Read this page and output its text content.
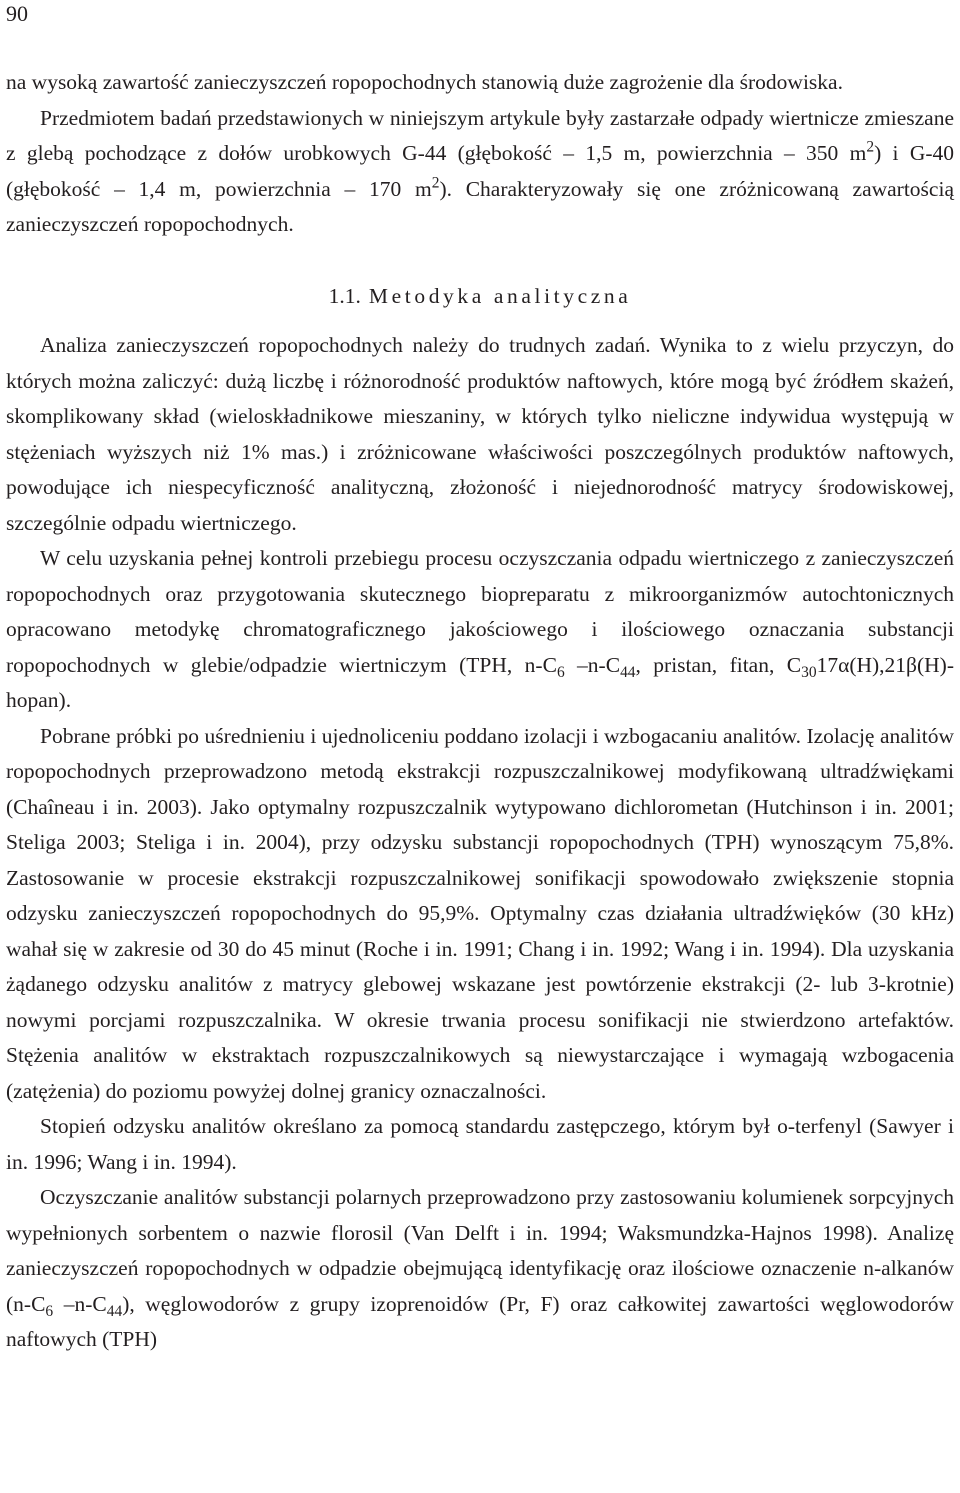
90

na wysoką zawartość zanieczyszczeń ropopochodnych stanowią duże zagrożenie dla środowiska.

Przedmiotem badań przedstawionych w niniejszym artykule były zastarzałe odpady wiertnicze zmieszane z glebą pochodzące z dołów urobkowych G-44 (głębokość – 1,5 m, powierzchnia – 350 $m^2$) i G-40 (głębokość – 1,4 m, powierzchnia – 170 $m^2$). Charakteryzowały się one zróżnicowaną zawartością zanieczyszczeń ropopochodnych.

1.1. Metodyka analityczna

Analiza zanieczyszczeń ropopochodnych należy do trudnych zadań. Wynika to z wielu przyczyn, do których można zaliczyć: dużą liczbę i różnorodność produktów naftowych, które mogą być źródłem skażeń, skomplikowany skład (wieloskładnikowe mieszaniny, w których tylko nieliczne indywidua występują w stężeniach wyższych niż 1% mas.) i zróżnicowane właściwości poszczególnych produktów naftowych, powodujące ich niespecyficzność analityczną, złożoność i niejednorodność matrycy środowiskowej, szczególnie odpadu wiertniczego.

W celu uzyskania pełnej kontroli przebiegu procesu oczyszczania odpadu wiertniczego z zanieczyszczeń ropopochodnych oraz przygotowania skutecznego biopreparatu z mikroorganizmów autochtonicznych opracowano metodykę chromatograficznego jakościowego i ilościowego oznaczania substancji ropopochodnych w glebie/odpadzie wiertniczym (TPH, $n-C_6$ $-n-C_{44}$, pristan, fitan, $C_{30}17\alpha(H),21\beta(H)-hopan$).

Pobrane próbki po uśrednieniu i ujednoliceniu poddano izolacji i wzbogacaniu analitów. Izolację analitów ropopochodnych przeprowadzono metodą ekstrakcji rozpuszczalnikowej modyfikowaną ultradźwiękami (Chaîneau i in. 2003). Jako optymalny rozpuszczalnik wytypowano dichlorometan (Hutchinson i in. 2001; Steliga 2003; Steliga i in. 2004), przy odzysku substancji ropopochodnych (TPH) wynoszącym 75,8%. Zastosowanie w procesie ekstrakcji rozpuszczalnikowej sonifikacji spowodowało zwiększenie stopnia odzysku zanieczyszczeń ropopochodnych do 95,9%. Optymalny czas działania ultradźwięków (30 kHz) wahał się w zakresie od 30 do 45 minut (Roche i in. 1991; Chang i in. 1992; Wang i in. 1994). Dla uzyskania żądanego odzysku analitów z matrycy glebowej wskazane jest powtórzenie ekstrakcji (2- lub 3-krotnie) nowymi porcjami rozpuszczalnika. W okresie trwania procesu sonifikacji nie stwierdzono artefaktów. Stężenia analitów w ekstraktach rozpuszczalnikowych są niewystarczające i wymagają wzbogacenia (zatężenia) do poziomu powyżej dolnej granicy oznaczalności.

Stopień odzysku analitów określano za pomocą standardu zastępczego, którym był o-terfenyl (Sawyer i in. 1996; Wang i in. 1994).

Oczyszczanie analitów substancji polarnych przeprowadzono przy zastosowaniu kolumienek sorpcyjnych wypełnionych sorbentem o nazwie florosil (Van Delft i in. 1994; Waksmundzka-Hajnos 1998). Analizę zanieczyszczeń ropopochodnych w odpadzie obejmującą identyfikację oraz ilościowe oznaczenie n-alkanów ($n-C_6$ $-n-C_{44}$), węglowodorów z grupy izoprenoidów (Pr, F) oraz całkowitej zawartości węglowodorów naftowych (TPH)
